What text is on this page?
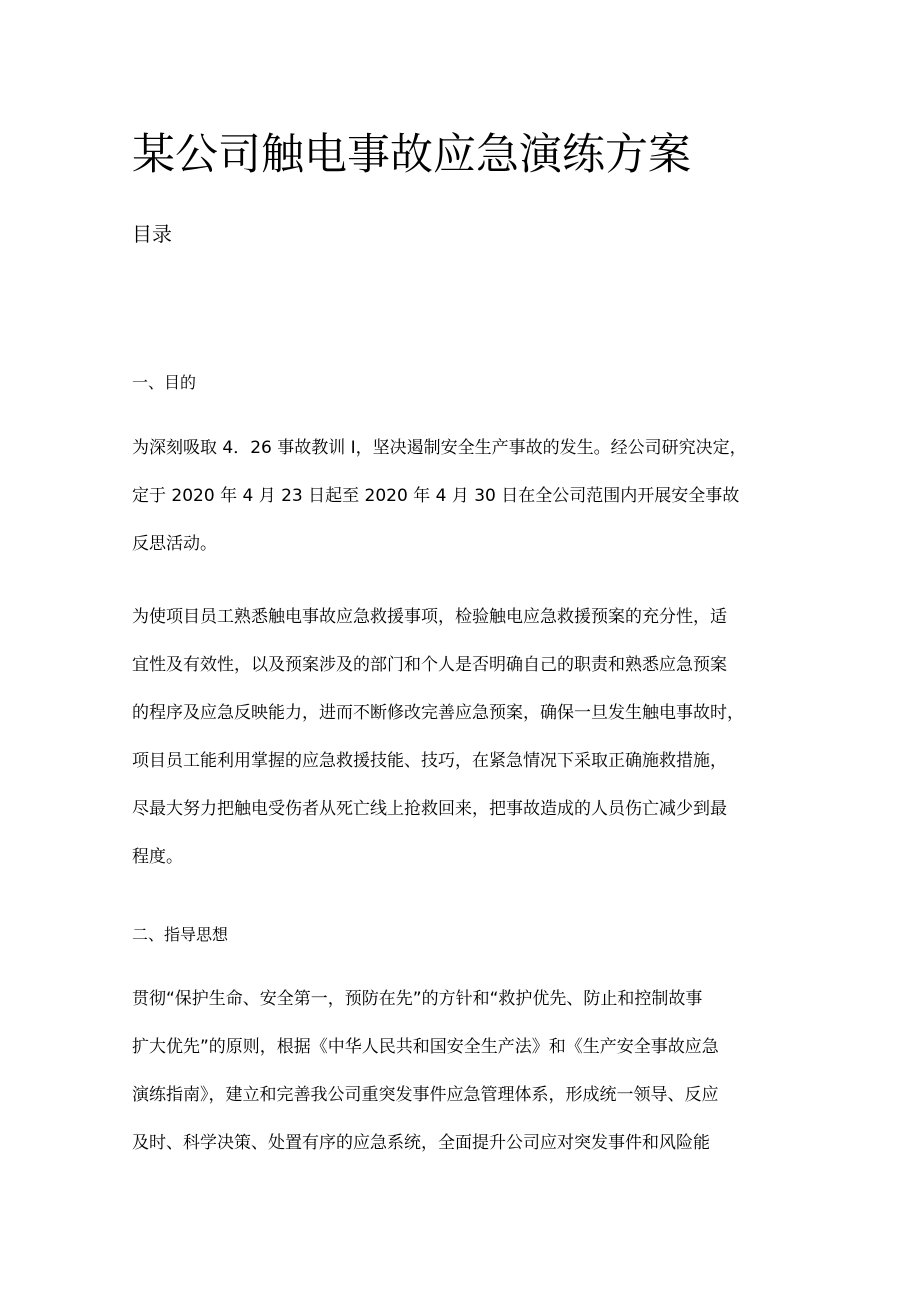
某公司触电事故应急演练方案
目录
一、目的
为深刻吸取 4．26 事故教训 I，坚决遏制安全生产事故的发生。经公司研究决定，
定于 2020 年 4 月 23 日起至 2020 年 4 月 30 日在全公司范围内开展安全事故
反思活动。
为使项目员工熟悉触电事故应急救援事项，检验触电应急救援预案的充分性，适
宜性及有效性，以及预案涉及的部门和个人是否明确自己的职责和熟悉应急预案
的程序及应急反映能力，进而不断修改完善应急预案，确保一旦发生触电事故时，
项目员工能利用掌握的应急救援技能、技巧，在紧急情况下采取正确施救措施，
尽最大努力把触电受伤者从死亡线上抢救回来，把事故造成的人员伤亡减少到最
程度。
二、指导思想
贯彻“保护生命、安全第一，预防在先”的方针和“救护优先、防止和控制故事
扩大优先”的原则，根据《中华人民共和国安全生产法》和《生产安全事故应急
演练指南》，建立和完善我公司重突发事件应急管理体系，形成统一领导、反应
及时、科学决策、处置有序的应急系统，全面提升公司应对突发事件和风险能
